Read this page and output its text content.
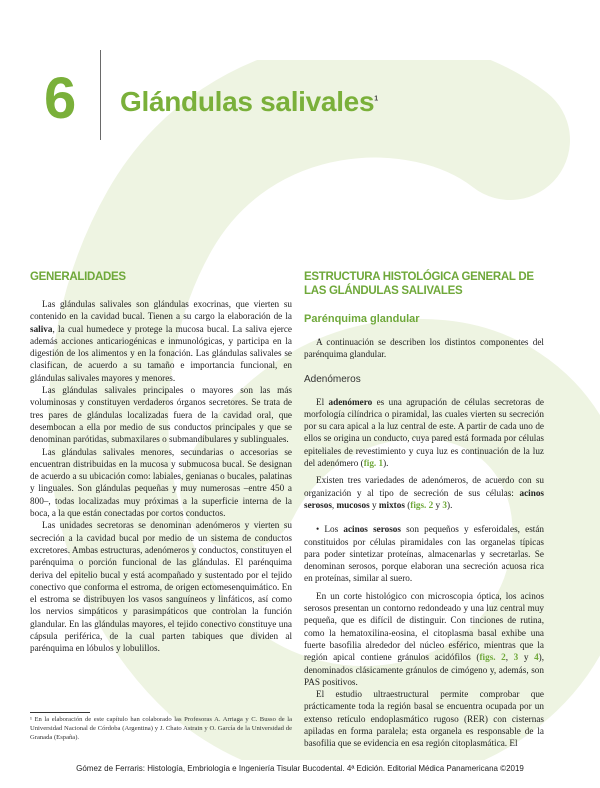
6 Glándulas salivales$^1$
GENERALIDADES

Las glándulas salivales son glándulas exocrinas, que vierten su contenido en la cavidad bucal. Tienen a su cargo la elaboración de la saliva, la cual humedece y protege la mucosa bucal. La saliva ejerce además acciones anticariogénicas e inmunológicas, y participa en la digestión de los alimentos y en la fonación. Las glándulas salivales se clasifican, de acuerdo a su tamaño e importancia funcional, en glándulas salivales mayores y menores.

Las glándulas salivales principales o mayores son las más voluminosas y constituyen verdaderos órganos secretores. Se trata de tres pares de glándulas localizadas fuera de la cavidad oral, que desembocan a ella por medio de sus conductos principales y que se denominan parótidas, submaxilares o submandibulares y sublinguales.

Las glándulas salivales menores, secundarias o accesorias se encuentran distribuidas en la mucosa y submucosa bucal. Se designan de acuerdo a su ubicación como: labiales, genianas o bucales, palatinas y linguales. Son glándulas pequeñas y muy numerosas –entre 450 a 800–, todas localizadas muy próximas a la superficie interna de la boca, a la que están conectadas por cortos conductos.

Las unidades secretoras se denominan adenómeros y vierten su secreción a la cavidad bucal por medio de un sistema de conductos excretores. Ambas estructuras, adenómeros y conductos, constituyen el parénquima o porción funcional de las glándulas. El parénquima deriva del epitelio bucal y está acompañado y sustentado por el tejido conectivo que conforma el estroma, de origen ectomesenquimático. En el estroma se distribuyen los vasos sanguíneos y linfáticos, así como los nervios simpáticos y parasimpáticos que controlan la función glandular. En las glándulas mayores, el tejido conectivo constituye una cápsula periférica, de la cual parten tabiques que dividen al parénquima en lóbulos y lobulillos.

¹ En la elaboración de este capítulo han colaborado las Profesoras A. Arriaga y C. Busso de la Universidad Nacional de Córdoba (Argentina) y J. Chato Astrain y O. García de la Universidad de Granada (España).
ESTRUCTURA HISTOLÓGICA GENERAL DE LAS GLÁNDULAS SALIVALES
Parénquima glandular

A continuación se describen los distintos componentes del parénquima glandular.

Adenómeros

El adenómero es una agrupación de células secretoras de morfología cilíndrica o piramidal, las cuales vierten su secreción por su cara apical a la luz central de este. A partir de cada uno de ellos se origina un conducto, cuya pared está formada por células epiteliales de revestimiento y cuya luz es continuación de la luz del adenómero (fig. 1).

Existen tres variedades de adenómeros, de acuerdo con su organización y al tipo de secreción de sus células: acinos serosos, mucosos y mixtos (figs. 2 y 3).

• Los acinos serosos son pequeños y esferoidales, están constituidos por células piramidales con las organelas típicas para poder sintetizar proteínas, almacenarlas y secretarlas. Se denominan serosos, porque elaboran una secreción acuosa rica en proteínas, similar al suero.

En un corte histológico con microscopia óptica, los acinos serosos presentan un contorno redondeado y una luz central muy pequeña, que es difícil de distinguir. Con tinciones de rutina, como la hematoxilina-eosina, el citoplasma basal exhibe una fuerte basofilia alrededor del núcleo esférico, mientras que la región apical contiene gránulos acidófilos (figs. 2, 3 y 4), denominados clásicamente gránulos de cimógeno y, además, son PAS positivos.

El estudio ultraestructural permite comprobar que prácticamente toda la región basal se encuentra ocupada por un extenso retículo endoplasmático rugoso (RER) con cisternas apiladas en forma paralela; esta organela es responsable de la basofilia que se evidencia en esa región citoplasmática. El

Gómez de Ferraris: Histología, Embriología e Ingeniería Tisular Bucodental. 4ª Edición. Editorial Médica Panamericana ©2019
